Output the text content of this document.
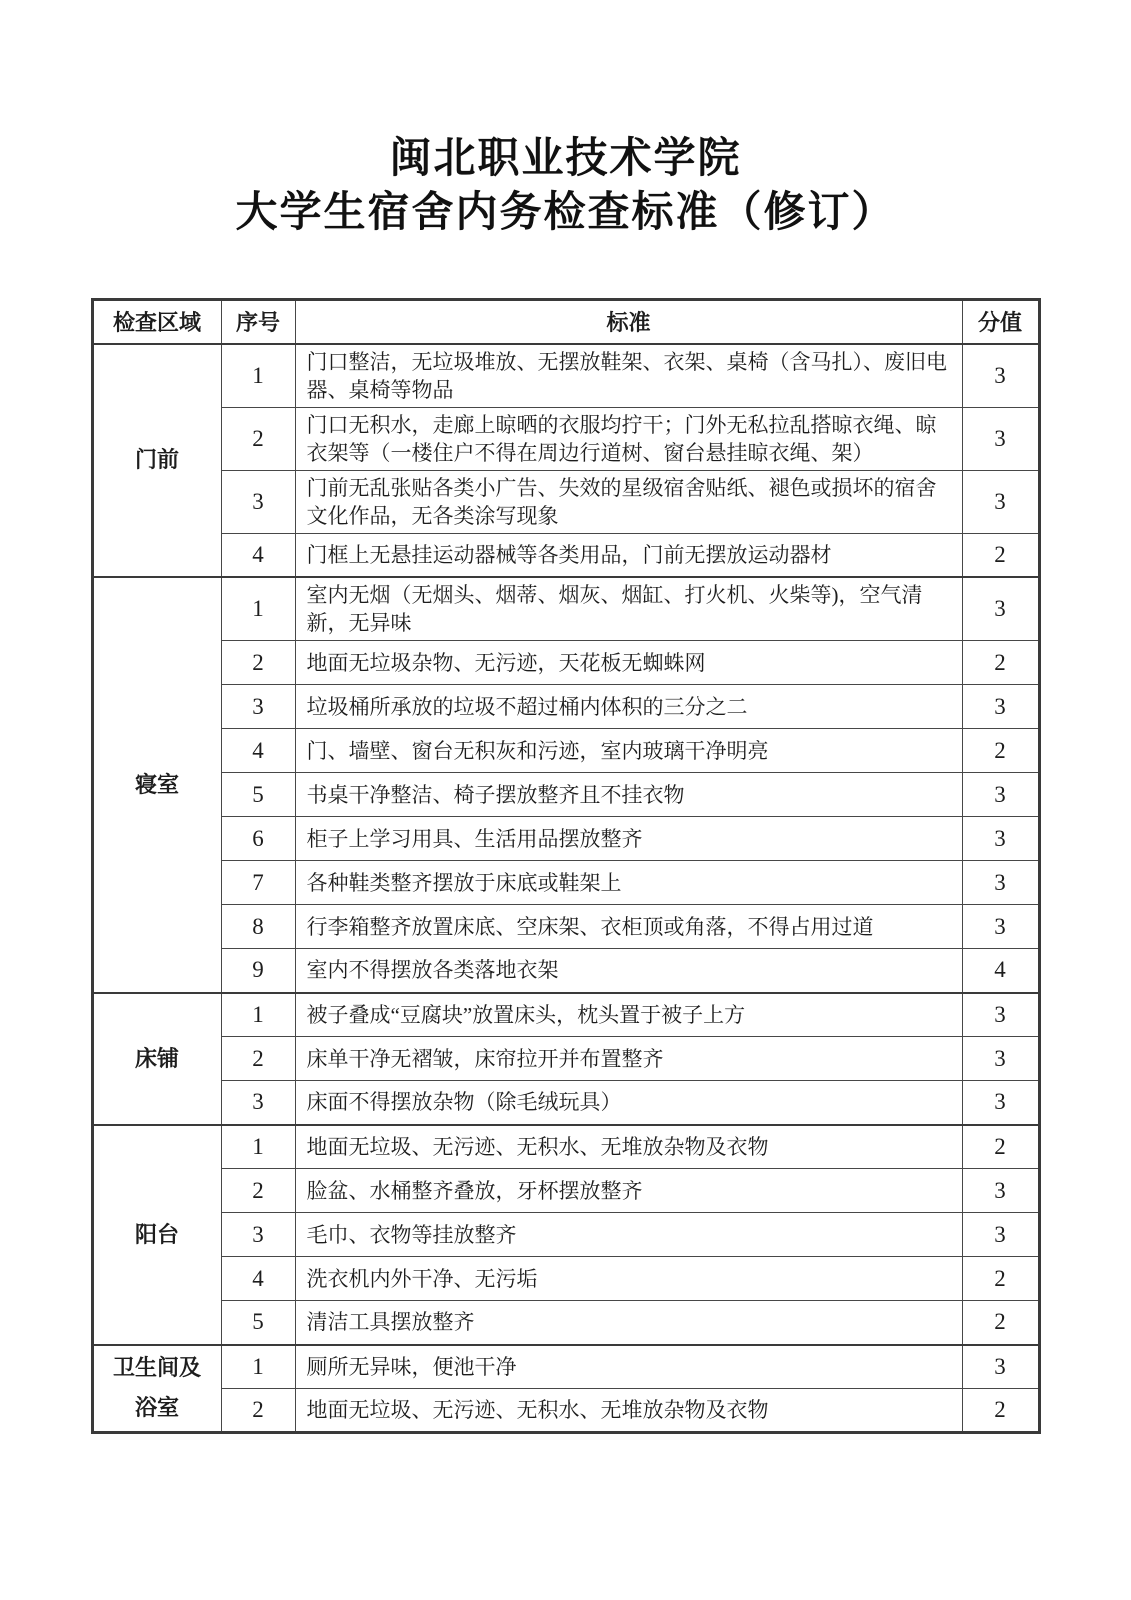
闽北职业技术学院
大学生宿舍内务检查标准（修订）
检查区域	序号	标准	分值
门前	1	门口整洁，无垃圾堆放、无摆放鞋架、衣架、桌椅（含马扎）、废旧电器、桌椅等物品	3
	2	门口无积水，走廊上晾晒的衣服均拧干；门外无私拉乱搭晾衣绳、晾衣架等（一楼住户不得在周边行道树、窗台悬挂晾衣绳、架）	3
	3	门前无乱张贴各类小广告、失效的星级宿舍贴纸、褪色或损坏的宿舍文化作品，无各类涂写现象	3
	4	门框上无悬挂运动器械等各类用品，门前无摆放运动器材	2
寝室	1	室内无烟（无烟头、烟蒂、烟灰、烟缸、打火机、火柴等)，空气清新，无异味	3
	2	地面无垃圾杂物、无污迹，天花板无蜘蛛网	2
	3	垃圾桶所承放的垃圾不超过桶内体积的三分之二	3
	4	门、墙壁、窗台无积灰和污迹，室内玻璃干净明亮	2
	5	书桌干净整洁、椅子摆放整齐且不挂衣物	3
	6	柜子上学习用具、生活用品摆放整齐	3
	7	各种鞋类整齐摆放于床底或鞋架上	3
	8	行李箱整齐放置床底、空床架、衣柜顶或角落，不得占用过道	3
	9	室内不得摆放各类落地衣架	4
床铺	1	被子叠成“豆腐块”放置床头，枕头置于被子上方	3
	2	床单干净无褶皱，床帘拉开并布置整齐	3
	3	床面不得摆放杂物（除毛绒玩具）	3
阳台	1	地面无垃圾、无污迹、无积水、无堆放杂物及衣物	2
	2	脸盆、水桶整齐叠放，牙杯摆放整齐	3
	3	毛巾、衣物等挂放整齐	3
	4	洗衣机内外干净、无污垢	2
	5	清洁工具摆放整齐	2
卫生间及浴室	1	厕所无异味，便池干净	3
	2	地面无垃圾、无污迹、无积水、无堆放杂物及衣物	2
